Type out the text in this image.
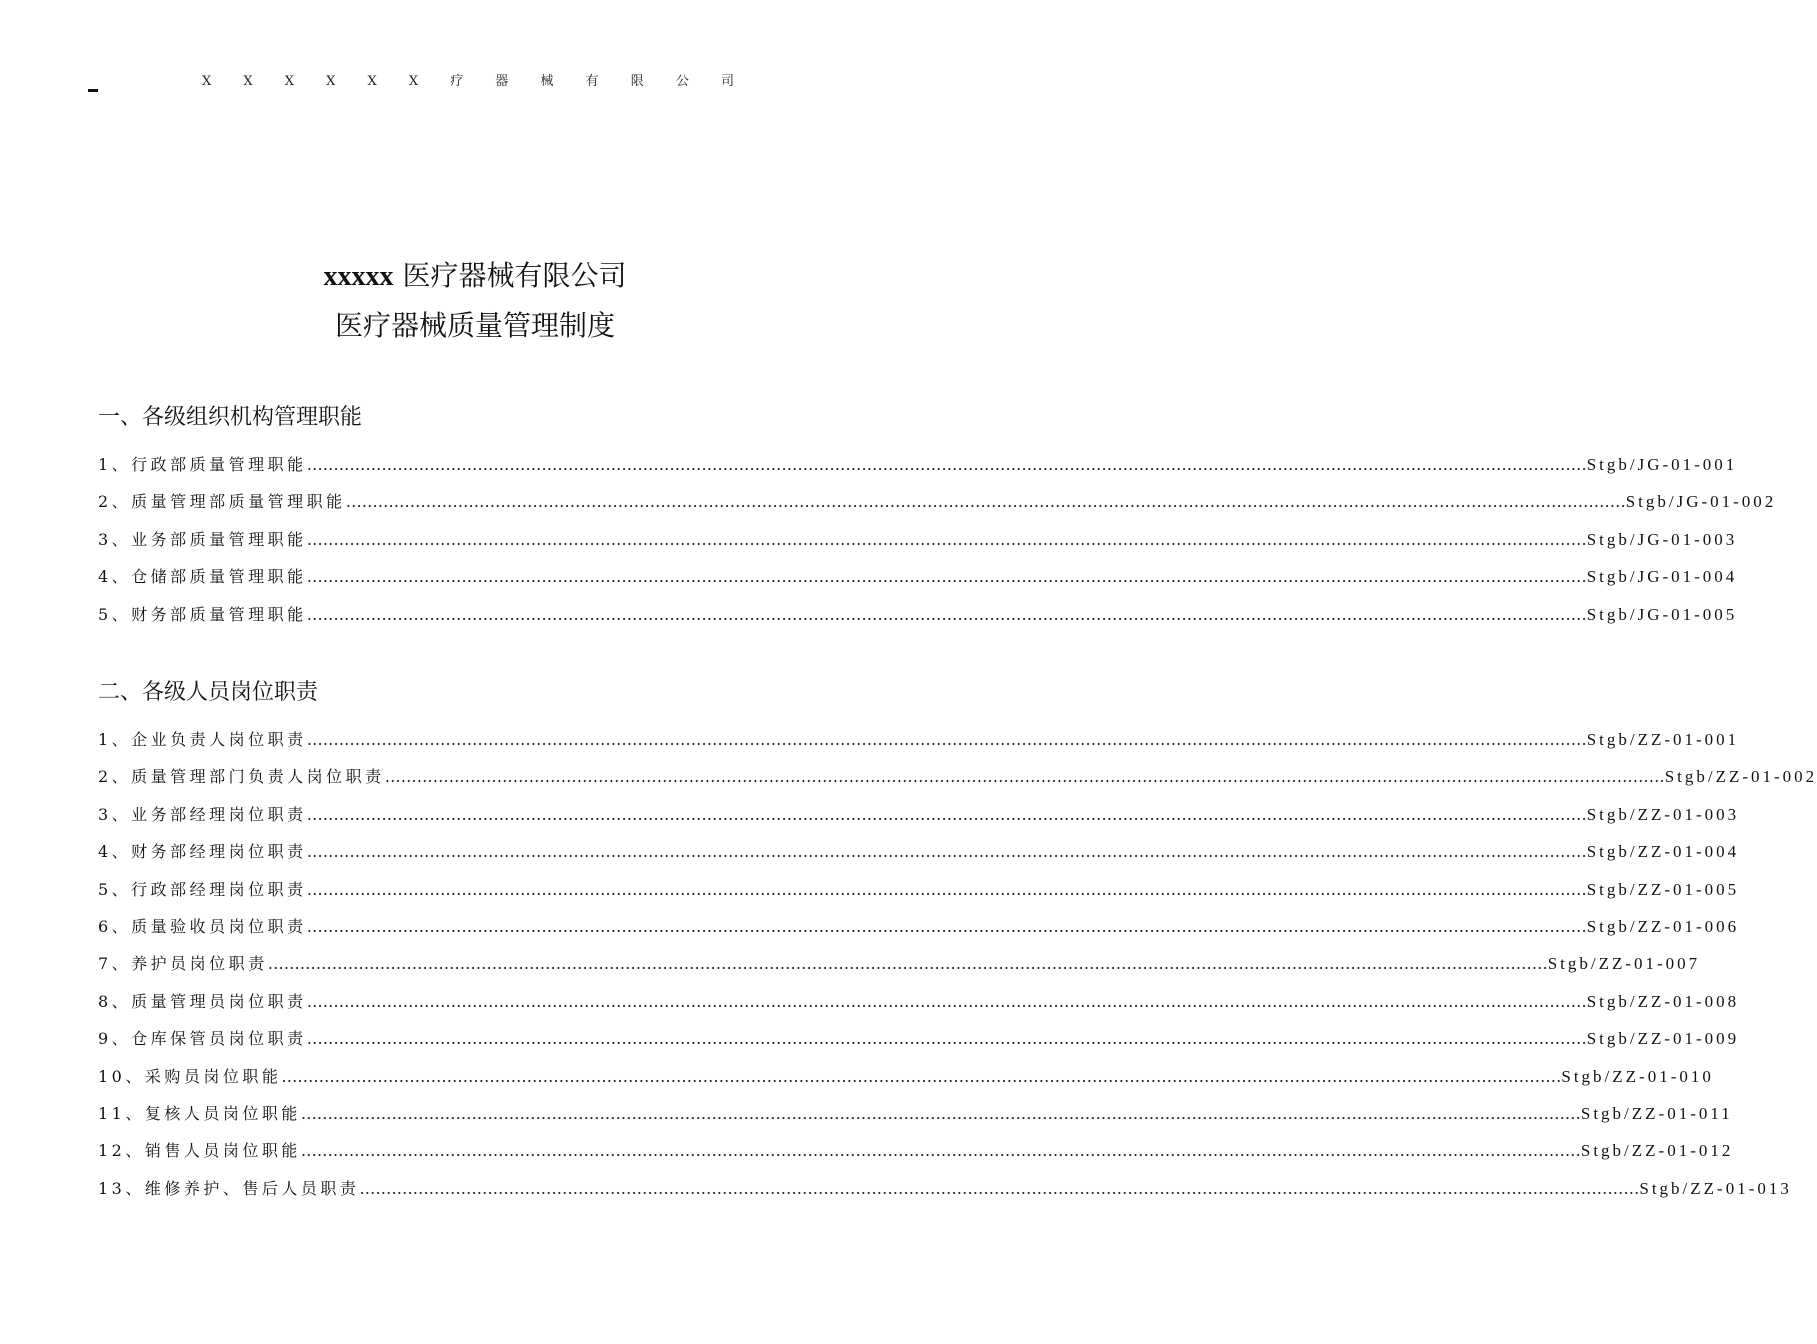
X X X X X X 疗 器 械 有 限 公 司
xxxxx 医疗器械有限公司
医疗器械质量管理制度
一、各级组织机构管理职能
1、行政部质量管理职能 …………………………………………………………………………………………………………………………………………………………………………………………………………………… Stgb/JG-01-001
2、质量管理部质量管理职能 …………………………………………………………………………………………………………………………………………………………………………………………………………………… Stgb/JG-01-002
3、业务部质量管理职能 …………………………………………………………………………………………………………………………………………………………………………………………………………………… Stgb/JG-01-003
4、仓储部质量管理职能 …………………………………………………………………………………………………………………………………………………………………………………………………………………… Stgb/JG-01-004
5、财务部质量管理职能 …………………………………………………………………………………………………………………………………………………………………………………………………………………… Stgb/JG-01-005
二、各级人员岗位职责
1、企业负责人岗位职责 …………………………………………………………………………………………………………………………………………………………………………………………………………………… Stgb/ZZ-01-001
2、质量管理部门负责人岗位职责 …………………………………………………………………………………………………………………………………………………………………………………………………………………… Stgb/ZZ-01-002
3、业务部经理岗位职责 …………………………………………………………………………………………………………………………………………………………………………………………………………………… Stgb/ZZ-01-003
4、财务部经理岗位职责 …………………………………………………………………………………………………………………………………………………………………………………………………………………… Stgb/ZZ-01-004
5、行政部经理岗位职责 …………………………………………………………………………………………………………………………………………………………………………………………………………………… Stgb/ZZ-01-005
6、质量验收员岗位职责 …………………………………………………………………………………………………………………………………………………………………………………………………………………… Stgb/ZZ-01-006
7、养护员岗位职责 …………………………………………………………………………………………………………………………………………………………………………………………………………………… Stgb/ZZ-01-007
8、质量管理员岗位职责 …………………………………………………………………………………………………………………………………………………………………………………………………………………… Stgb/ZZ-01-008
9、仓库保管员岗位职责 …………………………………………………………………………………………………………………………………………………………………………………………………………………… Stgb/ZZ-01-009
10、采购员岗位职能 …………………………………………………………………………………………………………………………………………………………………………………………………………………… Stgb/ZZ-01-010
11、复核人员岗位职能 …………………………………………………………………………………………………………………………………………………………………………………………………………………… Stgb/ZZ-01-011
12、销售人员岗位职能 …………………………………………………………………………………………………………………………………………………………………………………………………………………… Stgb/ZZ-01-012
13、维修养护、售后人员职责 …………………………………………………………………………………………………………………………………………………………………………………………………………………… Stgb/ZZ-01-013
